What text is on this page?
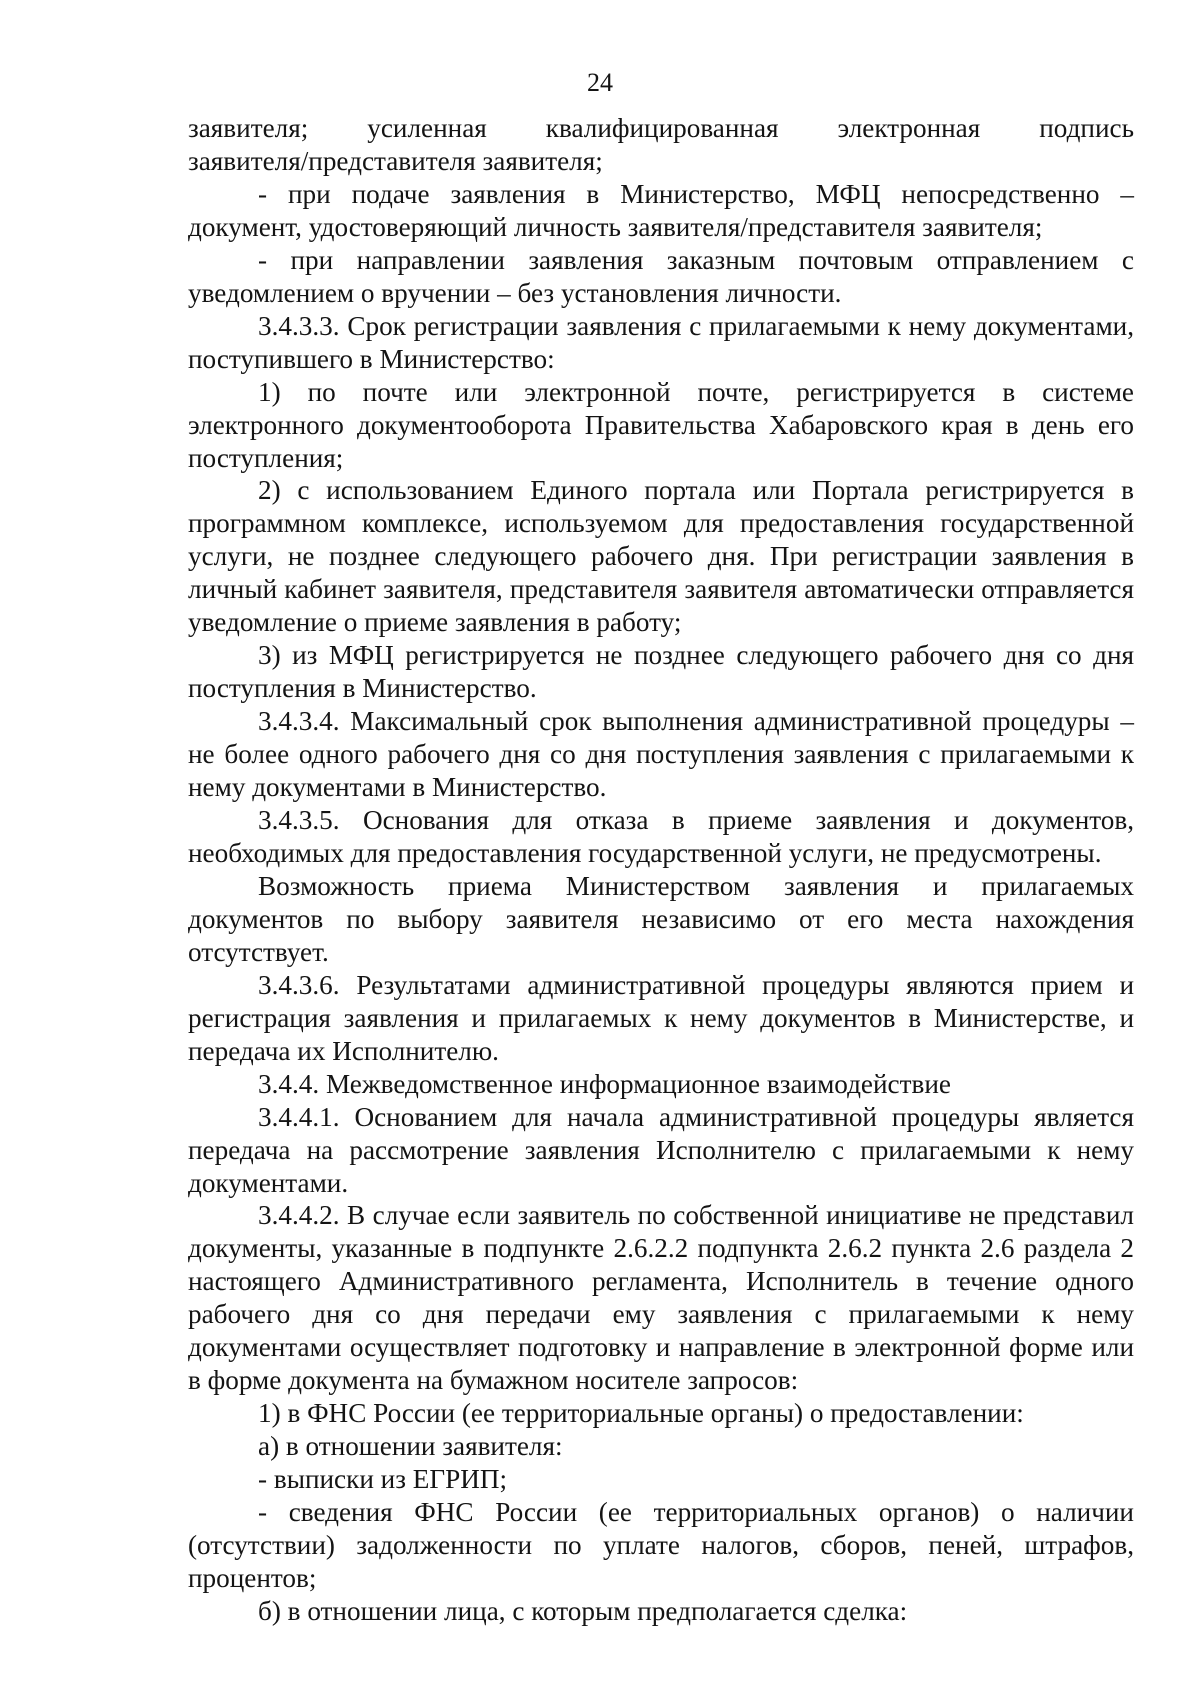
24

заявителя; усиленная квалифицированная электронная подпись

заявителя/представителя заявителя;

- при подаче заявления в Министерство, МФЦ непосредственно – документ, удостоверяющий личность заявителя/представителя заявителя;

- при направлении заявления заказным почтовым отправлением с уведомлением о вручении – без установления личности.

3.4.3.3. Срок регистрации заявления с прилагаемыми к нему документами, поступившего в Министерство:

1) по почте или электронной почте, регистрируется в системе электронного документооборота Правительства Хабаровского края в день его поступления;

2) с использованием Единого портала или Портала регистрируется в программном комплексе, используемом для предоставления государственной услуги, не позднее следующего рабочего дня. При регистрации заявления в личный кабинет заявителя, представителя заявителя автоматически отправляется уведомление о приеме заявления в работу;

3) из МФЦ регистрируется не позднее следующего рабочего дня со дня поступления в Министерство.

3.4.3.4. Максимальный срок выполнения административной процедуры – не более одного рабочего дня со дня поступления заявления с прилагаемыми к нему документами в Министерство.

3.4.3.5. Основания для отказа в приеме заявления и документов, необходимых для предоставления государственной услуги, не предусмотрены.

Возможность приема Министерством заявления и прилагаемых документов по выбору заявителя независимо от его места нахождения отсутствует.

3.4.3.6. Результатами административной процедуры являются прием и регистрация заявления и прилагаемых к нему документов в Министерстве, и передача их Исполнителю.

3.4.4. Межведомственное информационное взаимодействие

3.4.4.1. Основанием для начала административной процедуры является передача на рассмотрение заявления Исполнителю с прилагаемыми к нему документами.

3.4.4.2. В случае если заявитель по собственной инициативе не представил документы, указанные в подпункте 2.6.2.2 подпункта 2.6.2 пункта 2.6 раздела 2 настоящего Административного регламента, Исполнитель в течение одного рабочего дня со дня передачи ему заявления с прилагаемыми к нему документами осуществляет подготовку и направление в электронной форме или в форме документа на бумажном носителе запросов:

1) в ФНС России (ее территориальные органы) о предоставлении:

а) в отношении заявителя:

- выписки из ЕГРИП;

- сведения ФНС России (ее территориальных органов) о наличии (отсутствии) задолженности по уплате налогов, сборов, пеней, штрафов, процентов;

б) в отношении лица, с которым предполагается сделка:
